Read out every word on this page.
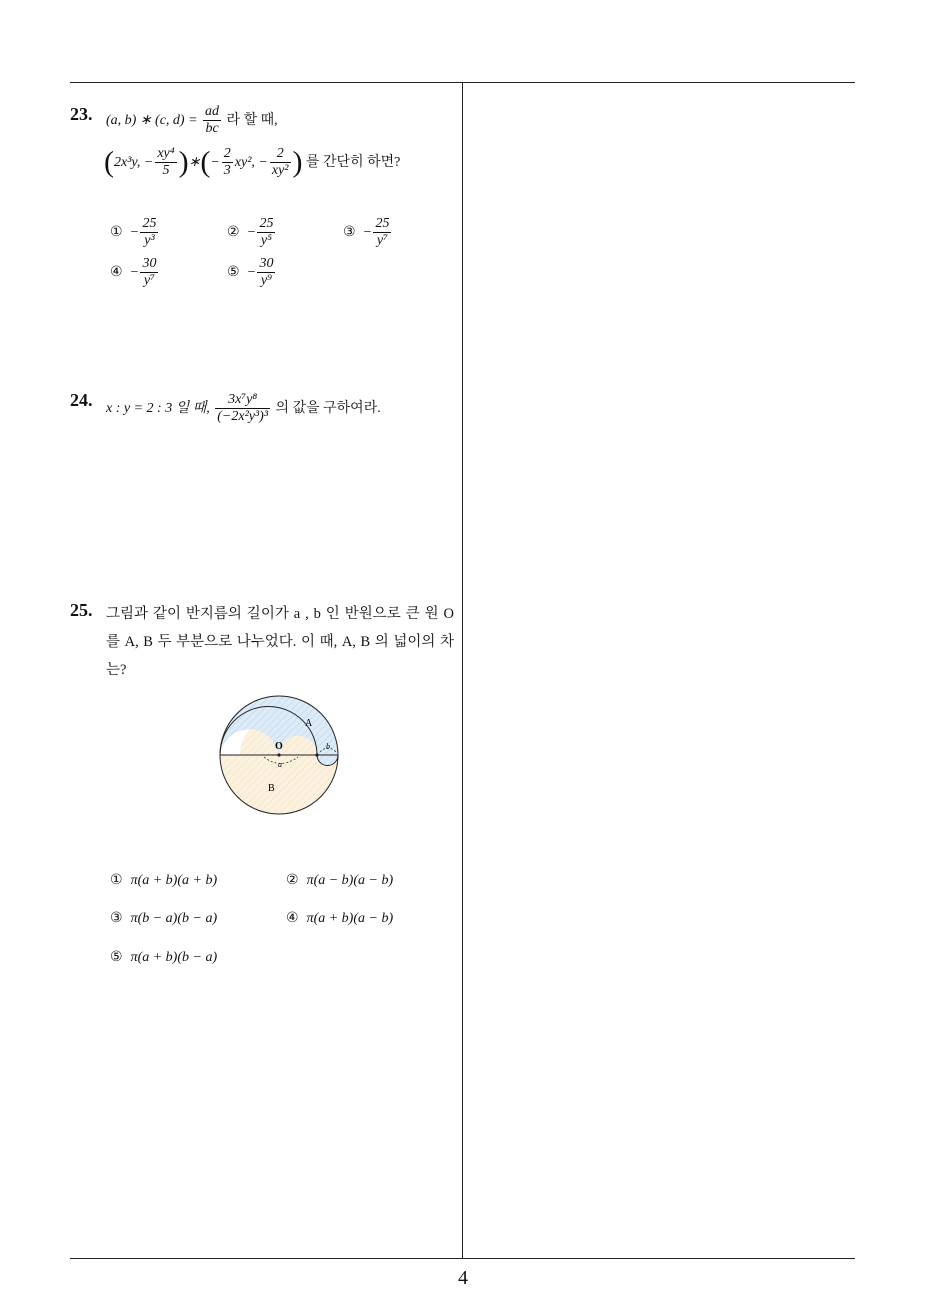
23. (a, b) ∗ (c, $d) = \frac{ad}{bc}$ 라 할 때,
(2x³y, − $\frac{\text{xy⁴}}{5}$ )∗(− $\frac{2}{3} xy^2$, − $\frac{2}{\text{xy²}}$ ) 를 간단히 하면?
① − $\frac{25}{\text{y³}}$	② − $\frac{25}{\text{y⁵}}$	③ − $\frac{25}{\text{y⁷}}$
④ − $\frac{30}{\text{y⁷}}$	⑤ − $\frac{30}{\text{y⁹}}$
24. x : y = 2 : 3 일 때, $\frac{\text{3x⁷y⁸}}{\text{(−2x²y³)³}}$ 의 값을 구하여라.
25. 그림과 같이 반지름의 길이가 a , b 인 반원으로 큰 원 O 를 A, B 두 부분으로 나누었다. 이 때, A, B 의 넓이의 차는?
O
A
B
a
b
① π(a + b)(a + b)	② π(a − b)(a − b)
③ π(b − a)(b − a)	④ π(a + b)(a − b)
⑤ π(a + b)(b − a)
4
